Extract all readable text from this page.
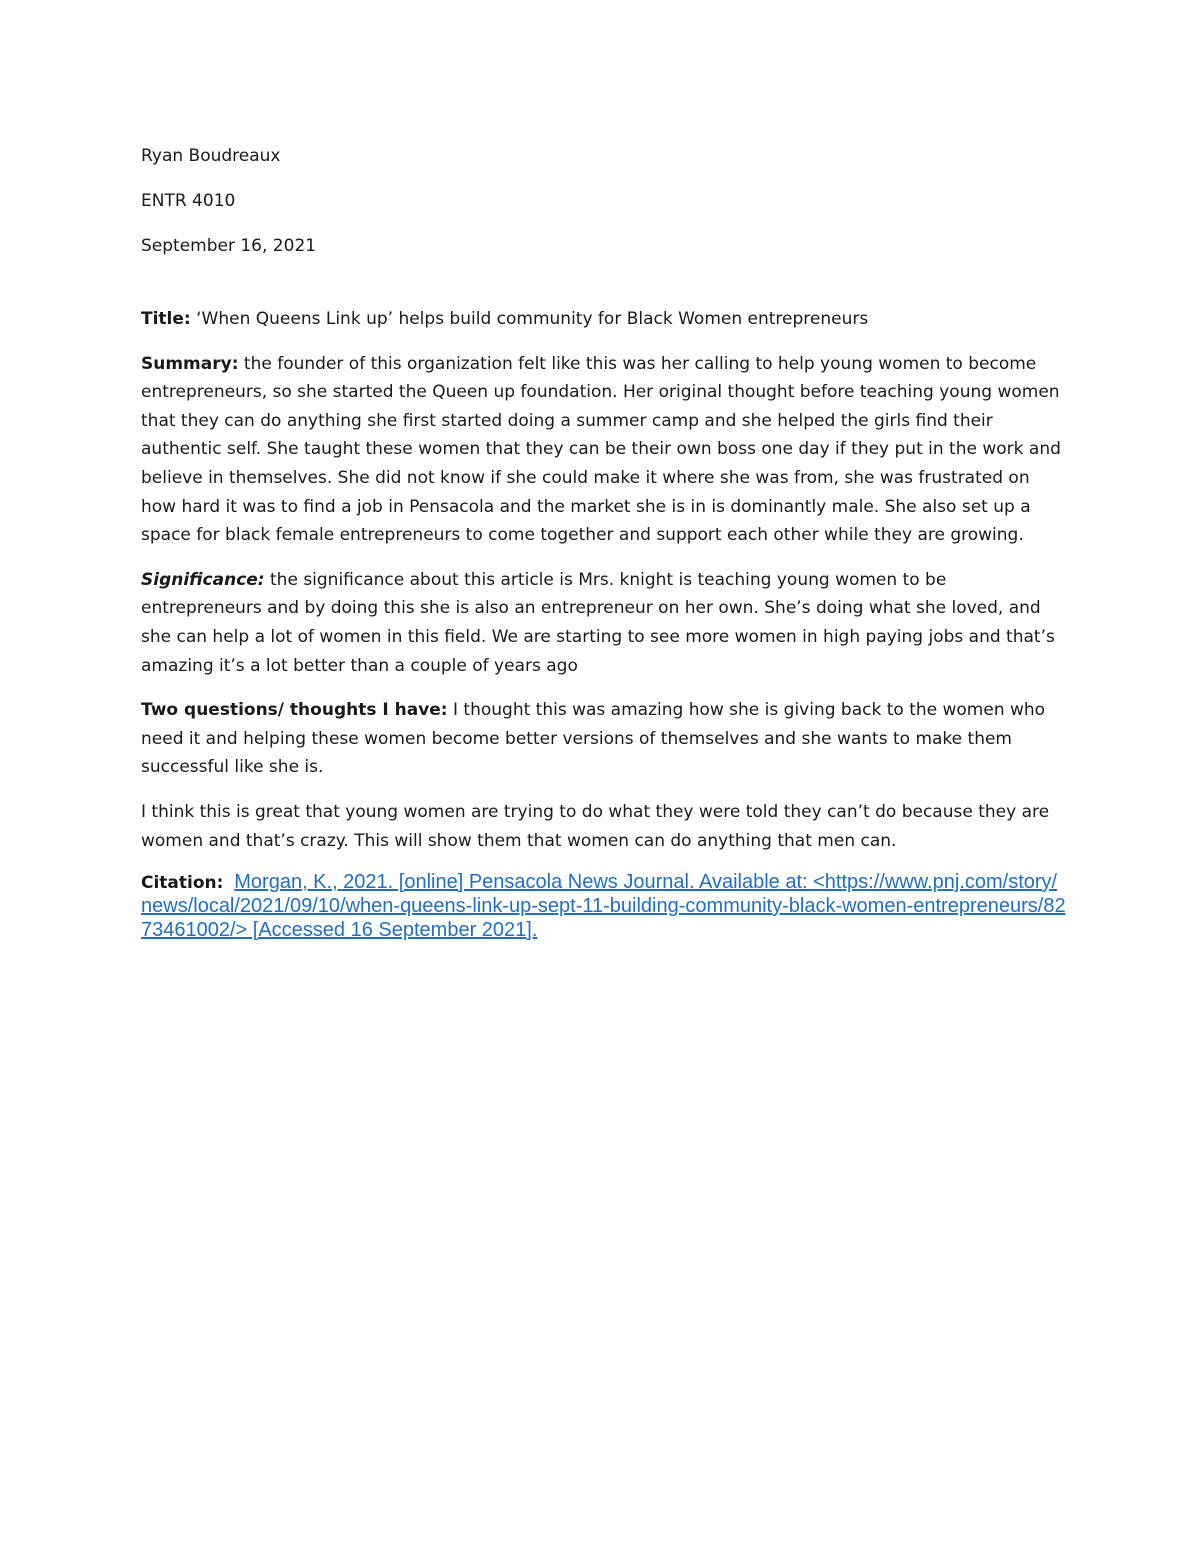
Ryan Boudreaux

ENTR 4010

September 16, 2021

Title: ‘When Queens Link up’ helps build community for Black Women entrepreneurs

Summary: the founder of this organization felt like this was her calling to help young women to become entrepreneurs, so she started the Queen up foundation. Her original thought before teaching young women that they can do anything she first started doing a summer camp and she helped the girls find their authentic self. She taught these women that they can be their own boss one day if they put in the work and believe in themselves. She did not know if she could make it where she was from, she was frustrated on how hard it was to find a job in Pensacola and the market she is in is dominantly male. She also set up a space for black female entrepreneurs to come together and support each other while they are growing.

Significance: the significance about this article is Mrs. knight is teaching young women to be entrepreneurs and by doing this she is also an entrepreneur on her own. She’s doing what she loved, and she can help a lot of women in this field. We are starting to see more women in high paying jobs and that’s amazing it’s a lot better than a couple of years ago

Two questions/ thoughts I have: I thought this was amazing how she is giving back to the women who need it and helping these women become better versions of themselves and she wants to make them successful like she is.

I think this is great that young women are trying to do what they were told they can’t do because they are women and that’s crazy. This will show them that women can do anything that men can.

Citation: Morgan, K., 2021. [online] Pensacola News Journal. Available at: <https://www.pnj.com/story/news/local/2021/09/10/when-queens-link-up-sept-11-building-community-black-women-entrepreneurs/8273461002/> [Accessed 16 September 2021].
